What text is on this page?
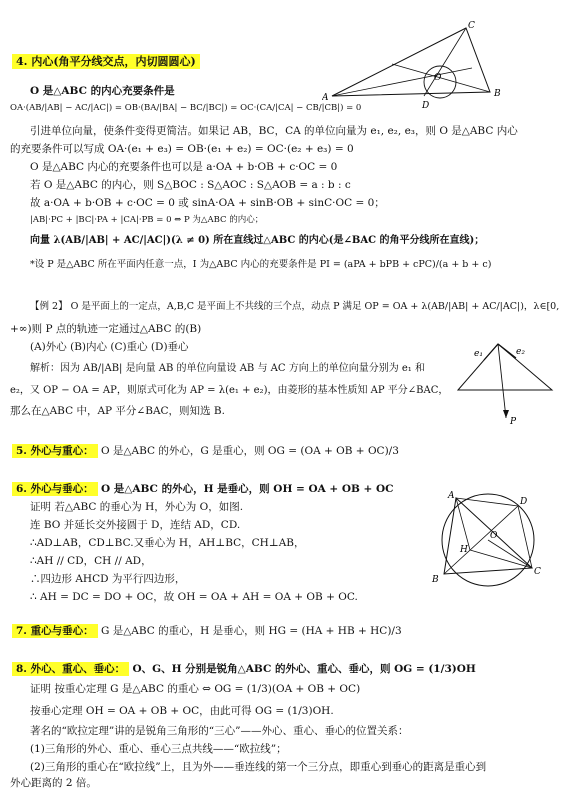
4. 内心(角平分线交点，内切圆圆心)
A	B
C
D
O
O 是△ABC 的内心充要条件是
OA·(AB/|AB| − AC/|AC|) = OB·(BA/|BA| − BC/|BC|) = OC·(CA/|CA| − CB/|CB|) = 0
引进单位向量，使条件变得更简洁。如果记 AB，BC，CA 的单位向量为 e₁, e₂, e₃，则 O 是△ABC 内心
的充要条件可以写成 OA·(e₁ + e₃) = OB·(e₁ + e₂) = OC·(e₂ + e₃) = 0
O 是△ABC 内心的充要条件也可以是 a·OA + b·OB + c·OC = 0
若 O 是△ABC 的内心，则 S△BOC : S△AOC : S△AOB = a : b : c
故 a·OA + b·OB + c·OC = 0 或 sinA·OA + sinB·OB + sinC·OC = 0；
|AB|·PC + |BC|·PA + |CA|·PB = 0 ⇔ P 为△ABC 的内心；
向量 λ(AB/|AB| + AC/|AC|)(λ ≠ 0) 所在直线过△ABC 的内心(是∠BAC 的角平分线所在直线)；
*设 P 是△ABC 所在平面内任意一点，I 为△ABC 内心的充要条件是 PI = (aPA + bPB + cPC)/(a + b + c)
【例 2】 O 是平面上的一定点，A,B,C 是平面上不共线的三个点，动点 P 满足 OP = OA + λ(AB/|AB| + AC/|AC|)，λ∈[0,
+∞)则 P 点的轨迹一定通过△ABC 的(B)
(A)外心 (B)内心 (C)重心 (D)垂心
解析：因为 AB/|AB| 是向量 AB 的单位向量设 AB 与 AC 方向上的单位向量分别为 e₁ 和
e₂，又 OP − OA = AP，则原式可化为 AP = λ(e₁ + e₂)，由菱形的基本性质知 AP 平分∠BAC，
那么在△ABC 中，AP 平分∠BAC，则知选 B.
e₁	e₂
P
5. 外心与重心： O 是△ABC 的外心，G 是重心，则 OG = (OA + OB + OC)/3
6. 外心与垂心： O 是△ABC 的外心，H 是垂心，则 OH = OA + OB + OC
证明 若△ABC 的垂心为 H，外心为 O，如图.
连 BO 并延长交外接圆于 D，连结 AD，CD.
∴AD⊥AB，CD⊥BC.又垂心为 H，AH⊥BC，CH⊥AB，
∴AH // CD，CH // AD，
∴四边形 AHCD 为平行四边形，
∴ AH = DC = DO + OC，故 OH = OA + AH = OA + OB + OC.
A
B
C
D
H
O
7. 重心与垂心： G 是△ABC 的重心，H 是垂心，则 HG = (HA + HB + HC)/3
8. 外心、重心、垂心： O、G、H 分别是锐角△ABC 的外心、重心、垂心，则 OG = (1/3)OH
证明 按重心定理 G 是△ABC 的重心 ⇔ OG = (1/3)(OA + OB + OC)
按垂心定理 OH = OA + OB + OC，由此可得 OG = (1/3)OH.
著名的“欧拉定理”讲的是锐角三角形的“三心”——外心、重心、垂心的位置关系：
(1)三角形的外心、重心、垂心三点共线——“欧拉线”；
(2)三角形的重心在“欧拉线”上，且为外——垂连线的第一个三分点，即重心到垂心的距离是重心到
外心距离的 2 倍。
